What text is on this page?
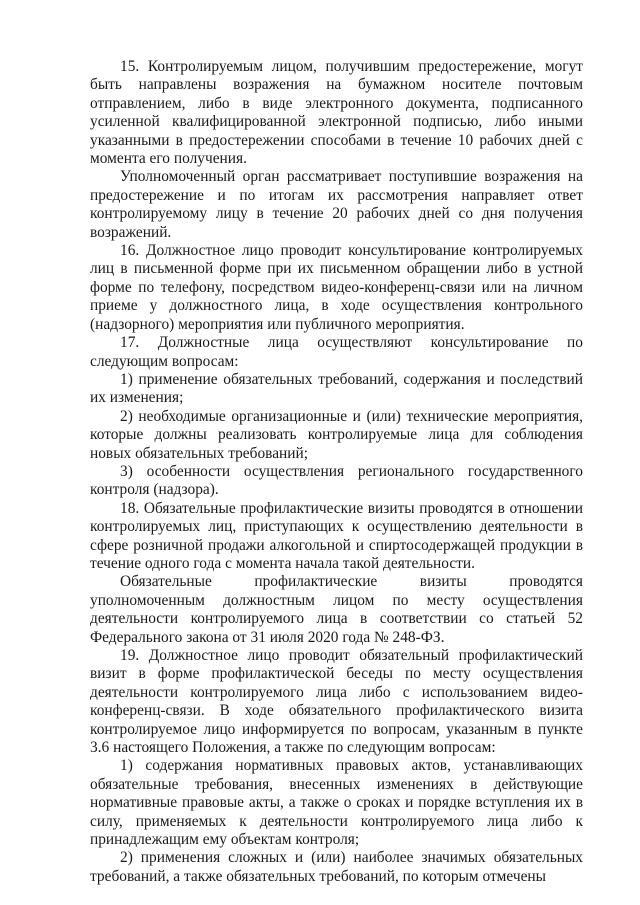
15. Контролируемым лицом, получившим предостережение, могут быть направлены возражения на бумажном носителе почтовым отправлением, либо в виде электронного документа, подписанного усиленной квалифицированной электронной подписью, либо иными указанными в предостережении способами в течение 10 рабочих дней с момента его получения.

Уполномоченный орган рассматривает поступившие возражения на предостережение и по итогам их рассмотрения направляет ответ контролируемому лицу в течение 20 рабочих дней со дня получения возражений.

16. Должностное лицо проводит консультирование контролируемых лиц в письменной форме при их письменном обращении либо в устной форме по телефону, посредством видео-конференц-связи или на личном приеме у должностного лица, в ходе осуществления контрольного (надзорного) мероприятия или публичного мероприятия.

17. Должностные лица осуществляют консультирование по следующим вопросам:

1) применение обязательных требований, содержания и последствий их изменения;

2) необходимые организационные и (или) технические мероприятия, которые должны реализовать контролируемые лица для соблюдения новых обязательных требований;

3) особенности осуществления регионального государственного контроля (надзора).

18. Обязательные профилактические визиты проводятся в отношении контролируемых лиц, приступающих к осуществлению деятельности в сфере розничной продажи алкогольной и спиртосодержащей продукции в течение одного года с момента начала такой деятельности.

Обязательные профилактические визиты проводятся уполномоченным должностным лицом по месту осуществления деятельности контролируемого лица в соответствии со статьей 52 Федерального закона от 31 июля 2020 года № 248-ФЗ.

19. Должностное лицо проводит обязательный профилактический визит в форме профилактической беседы по месту осуществления деятельности контролируемого лица либо с использованием видео-конференц-связи. В ходе обязательного профилактического визита контролируемое лицо информируется по вопросам, указанным в пункте 3.6 настоящего Положения, а также по следующим вопросам:

1) содержания нормативных правовых актов, устанавливающих обязательные требования, внесенных изменениях в действующие нормативные правовые акты, а также о сроках и порядке вступления их в силу, применяемых к деятельности контролируемого лица либо к принадлежащим ему объектам контроля;

2) применения сложных и (или) наиболее значимых обязательных требований, а также обязательных требований, по которым отмечены
